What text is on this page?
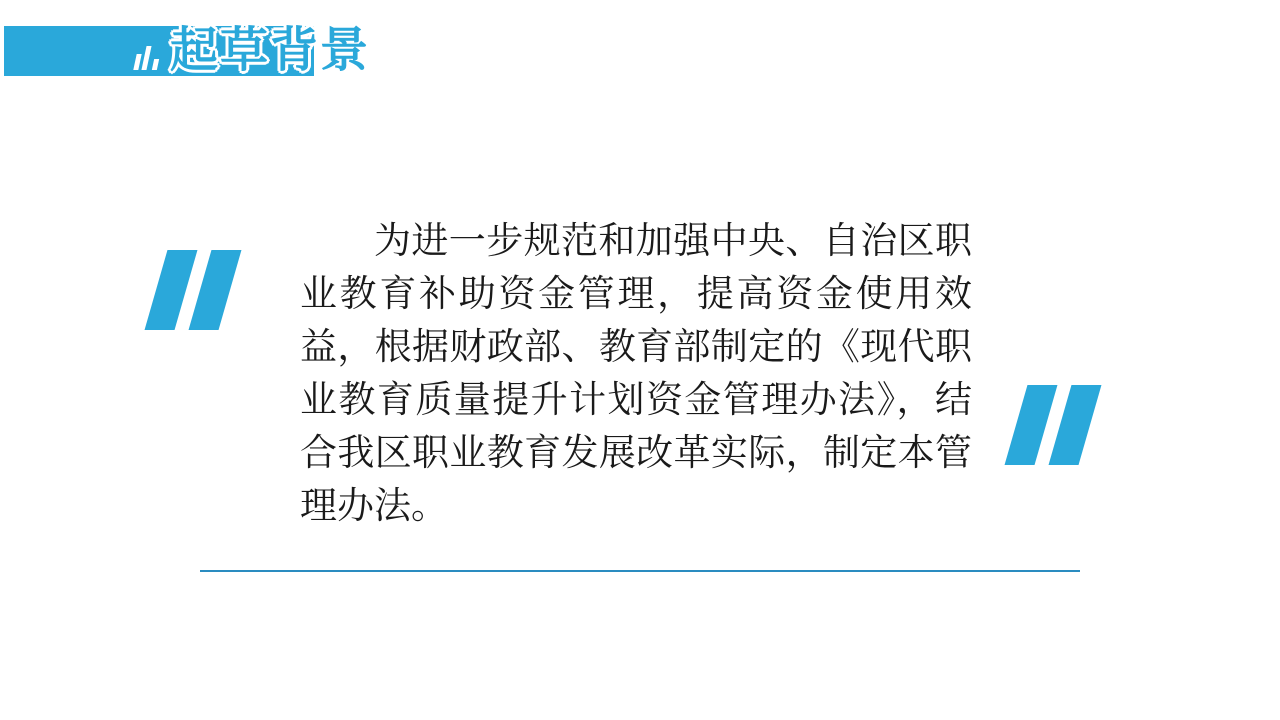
起草背景
为进一步规范和加强中央、自治区职业教育补助资金管理，提高资金使用效益，根据财政部、教育部制定的《现代职业教育质量提升计划资金管理办法》，结合我区职业教育发展改革实际，制定本管理办法。
